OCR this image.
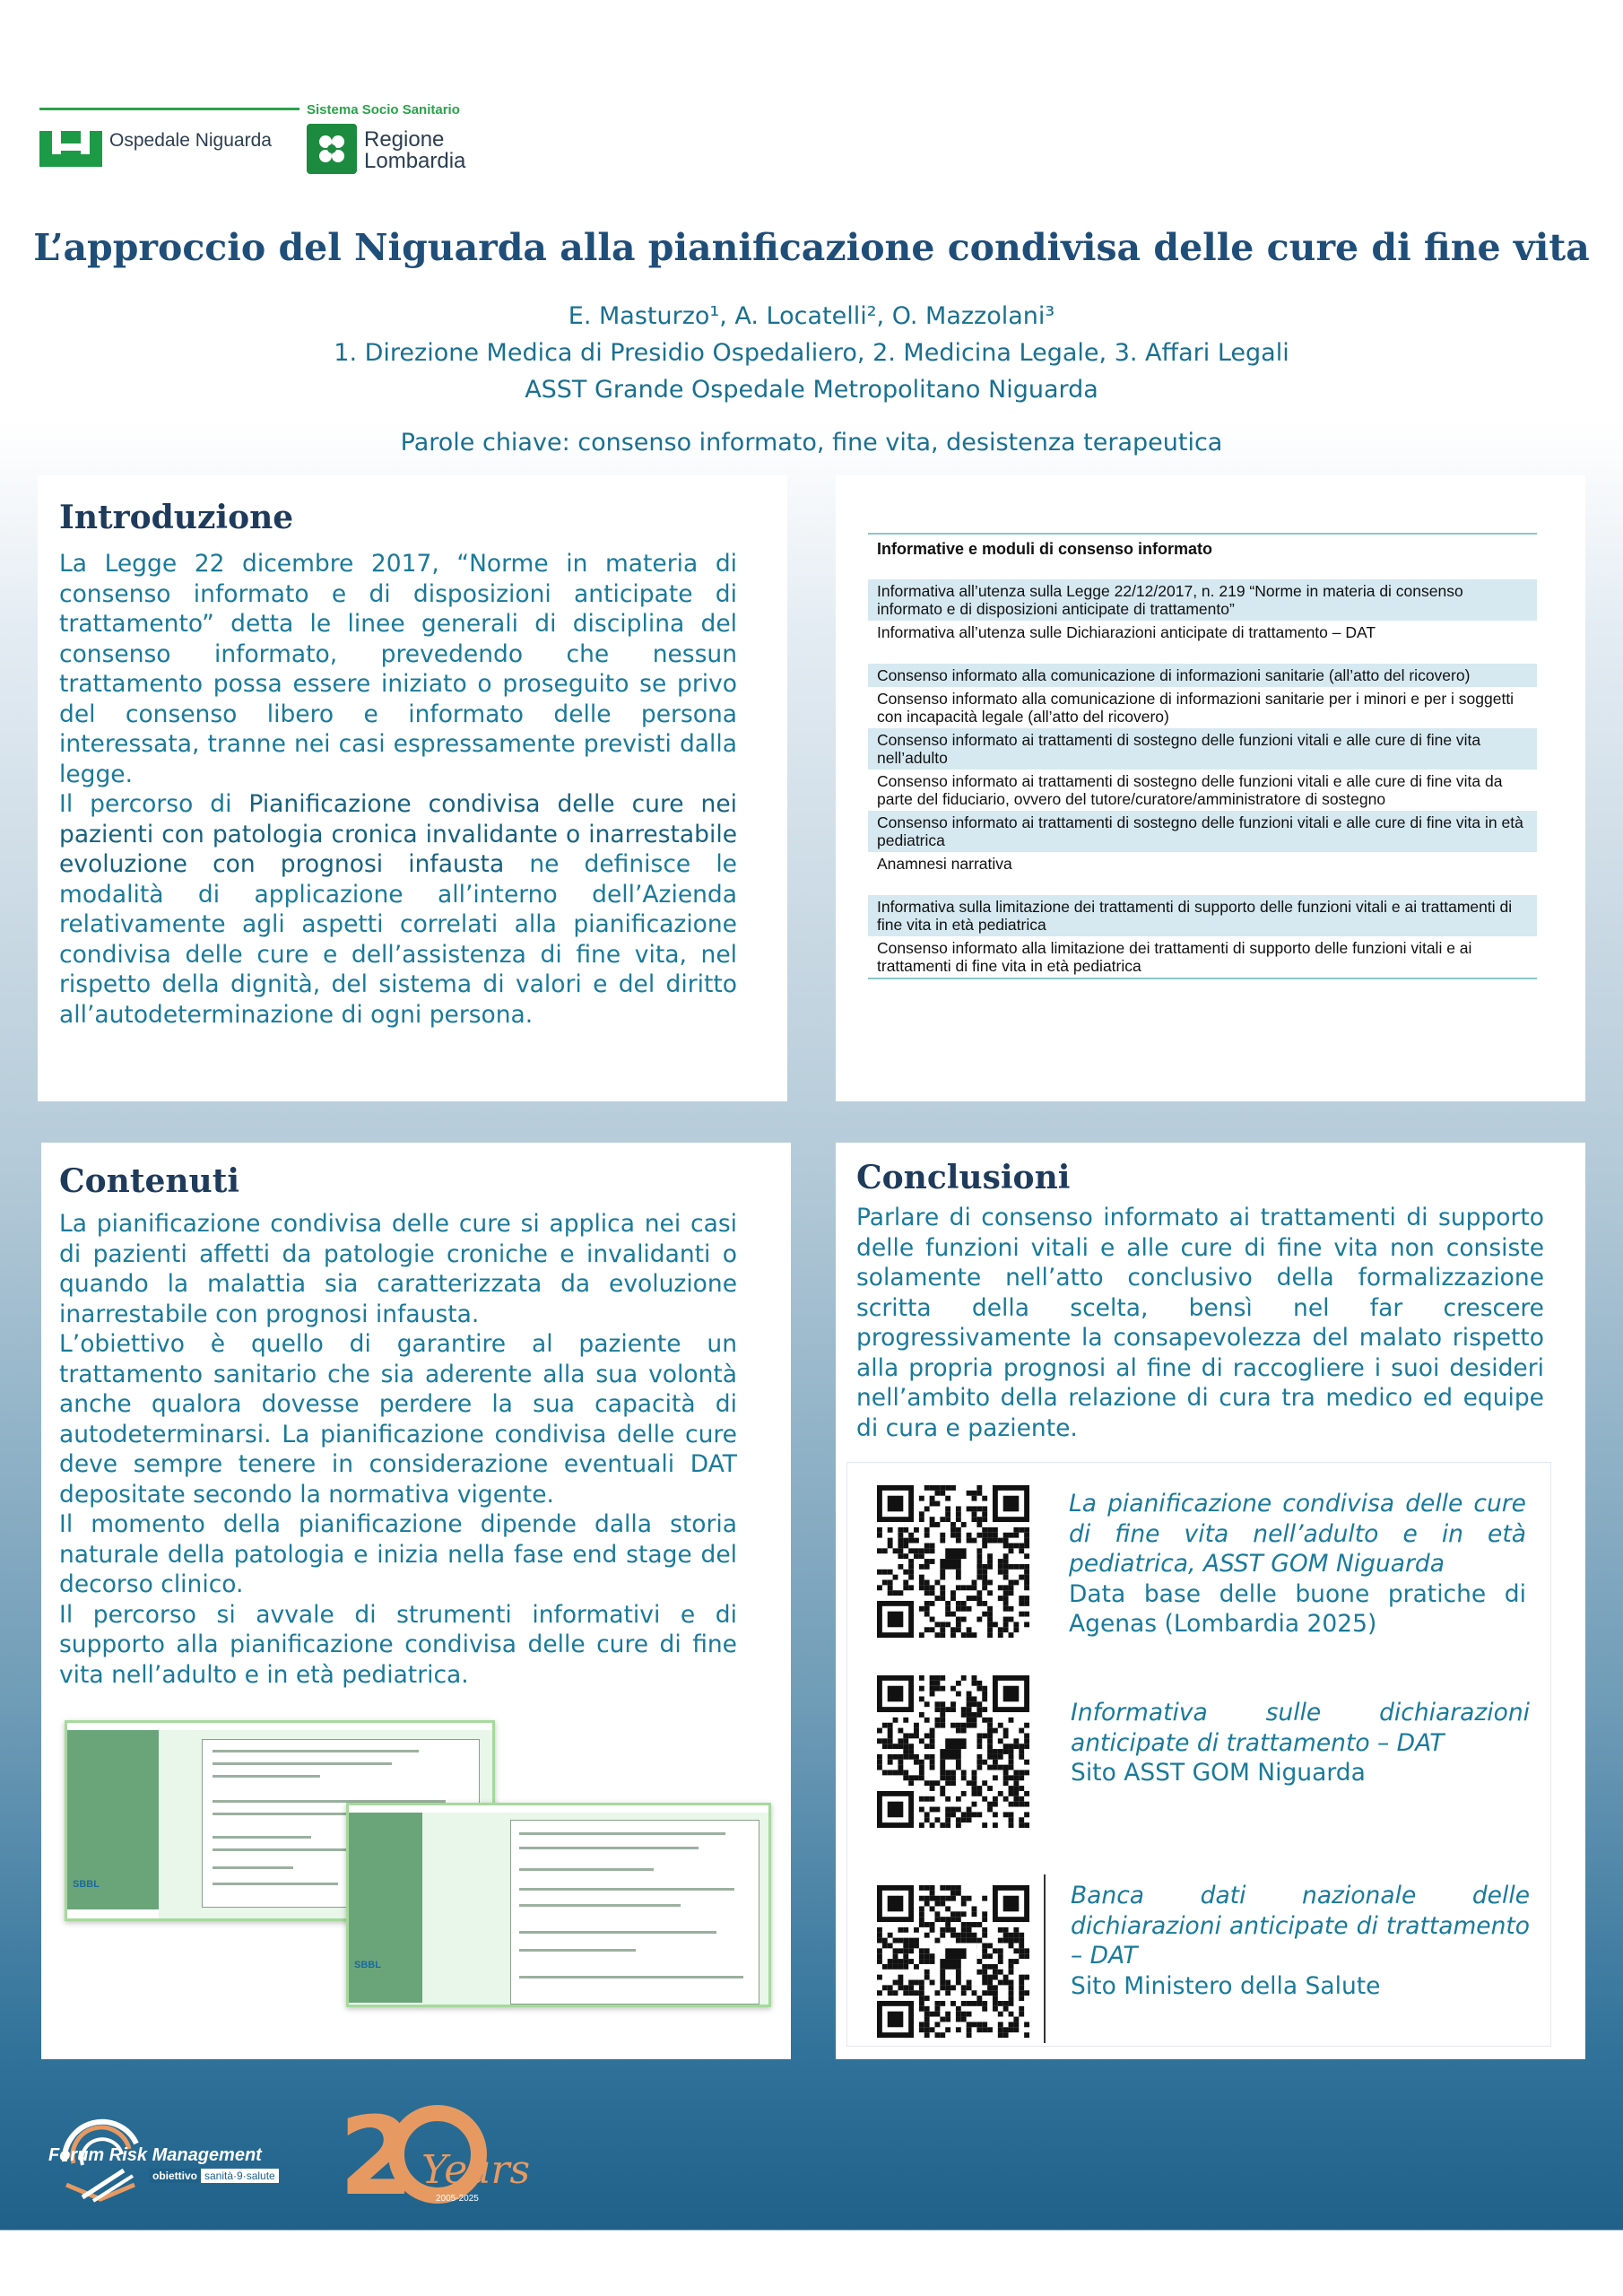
Ospedale Niguarda
Sistema Socio Sanitario
Regione
Lombardia
L’approccio del Niguarda alla pianificazione condivisa delle cure di fine vita
E. Masturzo¹, A. Locatelli², O. Mazzolani³
1. Direzione Medica di Presidio Ospedaliero, 2. Medicina Legale, 3. Affari Legali
ASST Grande Ospedale Metropolitano Niguarda
Parole chiave: consenso informato, fine vita, desistenza terapeutica
Introduzione

La Legge 22 dicembre 2017, “Norme in materia di consenso informato e di disposizioni anticipate di trattamento” detta le linee generali di disciplina del consenso informato, prevedendo che nessun trattamento possa essere iniziato o proseguito se privo del consenso libero e informato delle persona interessata, tranne nei casi espressamente previsti dalla legge.

Il percorso di Pianificazione condivisa delle cure nei pazienti con patologia cronica invalidante o inarrestabile evoluzione con prognosi infausta ne definisce le modalità di applicazione all’interno dell’Azienda relativamente agli aspetti correlati alla pianificazione condivisa delle cure e dell’assistenza di fine vita, nel rispetto della dignità, del sistema di valori e del diritto all’autodeterminazione di ogni persona.

Informative e moduli di consenso informato
Informativa all’utenza sulla Legge 22/12/2017, n. 219 “Norme in materia di consenso informato e di disposizioni anticipate di trattamento”
Informativa all’utenza sulle Dichiarazioni anticipate di trattamento – DAT
Consenso informato alla comunicazione di informazioni sanitarie (all’atto del ricovero)
Consenso informato alla comunicazione di informazioni sanitarie per i minori e per i soggetti con incapacità legale (all’atto del ricovero)
Consenso informato ai trattamenti di sostegno delle funzioni vitali e alle cure di fine vita nell’adulto
Consenso informato ai trattamenti di sostegno delle funzioni vitali e alle cure di fine vita da parte del fiduciario, ovvero del tutore/curatore/amministratore di sostegno
Consenso informato ai trattamenti di sostegno delle funzioni vitali e alle cure di fine vita in età pediatrica
Anamnesi narrativa
Informativa sulla limitazione dei trattamenti di supporto delle funzioni vitali e ai trattamenti di fine vita in età pediatrica
Consenso informato alla limitazione dei trattamenti di supporto delle funzioni vitali e ai trattamenti di fine vita in età pediatrica
Contenuti

La pianificazione condivisa delle cure si applica nei casi di pazienti affetti da patologie croniche e invalidanti o quando la malattia sia caratterizzata da evoluzione inarrestabile con prognosi infausta.

L’obiettivo è quello di garantire al paziente un trattamento sanitario che sia aderente alla sua volontà anche qualora dovesse perdere la sua capacità di autodeterminarsi. La pianificazione condivisa delle cure deve sempre tenere in considerazione eventuali DAT depositate secondo la normativa vigente.

Il momento della pianificazione dipende dalla storia naturale della patologia e inizia nella fase end stage del decorso clinico.

Il percorso si avvale di strumenti informativi e di supporto alla pianificazione condivisa delle cure di fine vita nell’adulto e in età pediatrica.

SBBL
SBBL
Conclusioni

Parlare di consenso informato ai trattamenti di supporto delle funzioni vitali e alle cure di fine vita non consiste solamente nell’atto conclusivo della formalizzazione scritta della scelta, bensì nel far crescere progressivamente la consapevolezza del malato rispetto alla propria prognosi al fine di raccogliere i suoi desideri nell’ambito della relazione di cura tra medico ed equipe di cura e paziente.

La pianificazione condivisa delle cure di fine vita nell’adulto e in età pediatrica, ASST GOM Niguarda

Data base delle buone pratiche di Agenas (Lombardia 2025)

Informativa sulle dichiarazioni anticipate di trattamento – DAT

Sito ASST GOM Niguarda

Banca dati nazionale delle dichiarazioni anticipate di trattamento – DAT

Sito Ministero della Salute

Forum Risk Management
obiettivo sanità·9·salute 2 Years
2005-2025
